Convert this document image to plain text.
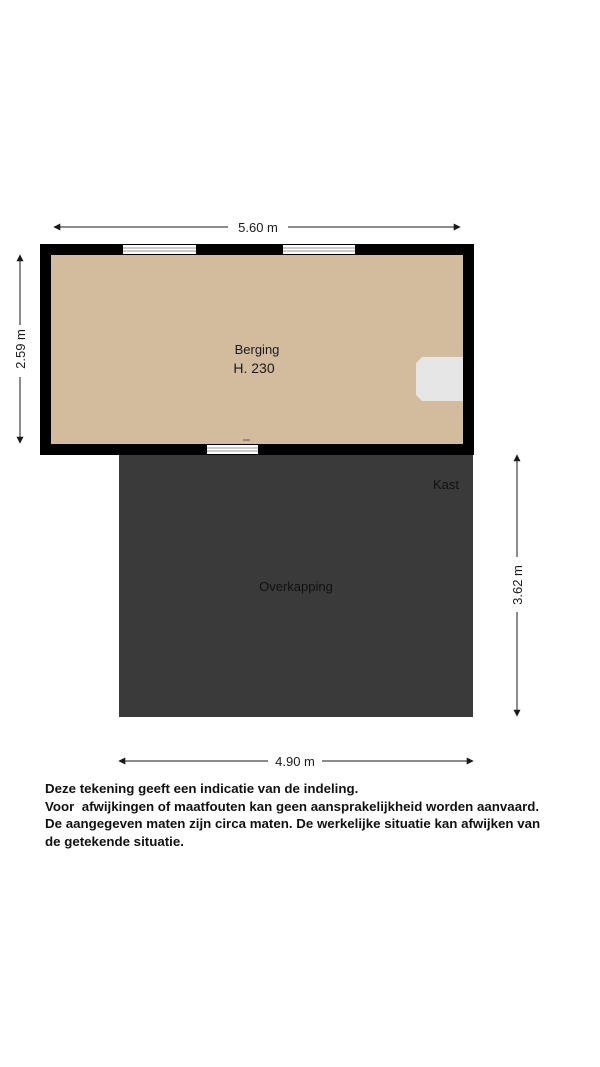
Berging
H. 230
Kast
Overkapping
5.60 m
2.59 m
3.62 m
4.90 m
Deze tekening geeft een indicatie van de indeling.
Voor  afwijkingen of maatfouten kan geen aansprakelijkheid worden aanvaard.
De aangegeven maten zijn circa maten. De werkelijke situatie kan afwijken van
de getekende situatie.
